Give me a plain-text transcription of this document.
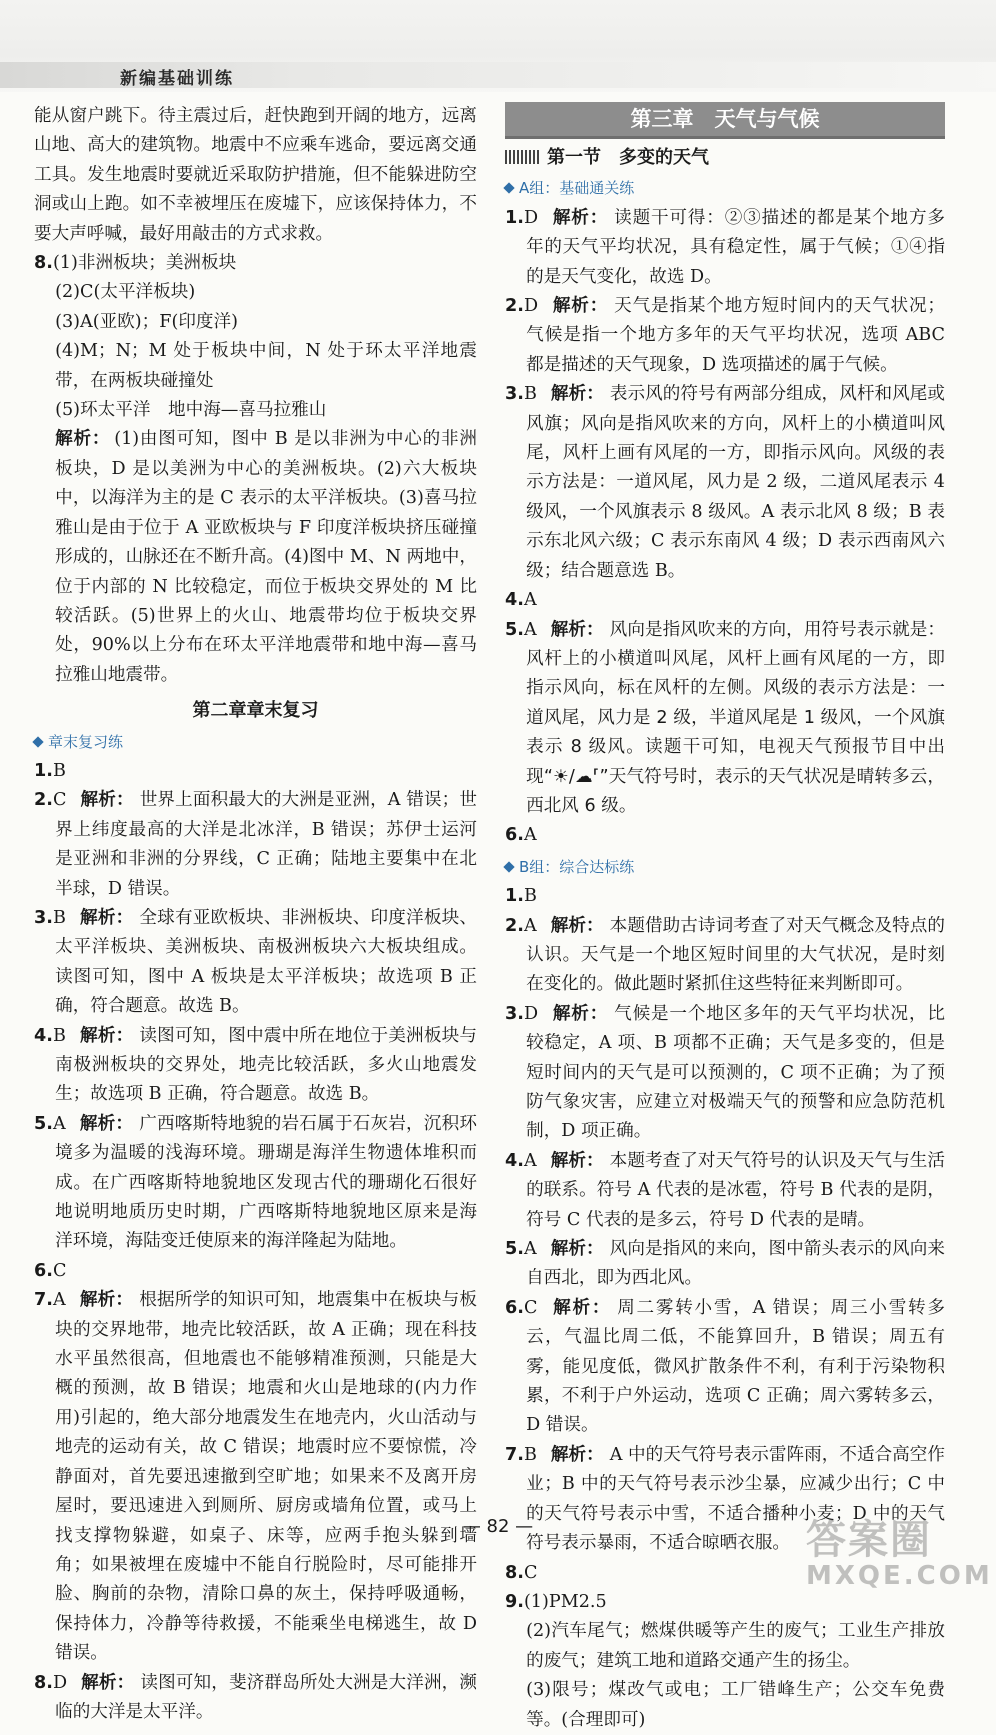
新编基础训练

能从窗户跳下。待主震过后，赶快跑到开阔的地方，远离山地、高大的建筑物。地震中不应乘车逃命，要远离交通工具。发生地震时要就近采取防护措施，但不能躲进防空洞或山上跑。如不幸被埋压在废墟下，应该保持体力，不要大声呼喊，最好用敲击的方式求救。

8.(1)非洲板块；美洲板块

(2)C(太平洋板块)

(3)A(亚欧)；F(印度洋)

(4)M；N；M 处于板块中间，N 处于环太平洋地震带，在两板块碰撞处

(5)环太平洋　地中海—喜马拉雅山

解析： (1)由图可知，图中 B 是以非洲为中心的非洲板块，D 是以美洲为中心的美洲板块。(2)六大板块中，以海洋为主的是 C 表示的太平洋板块。(3)喜马拉雅山是由于位于 A 亚欧板块与 F 印度洋板块挤压碰撞形成的，山脉还在不断升高。(4)图中 M、N 两地中，位于内部的 N 比较稳定，而位于板块交界处的 M 比较活跃。(5)世界上的火山、地震带均位于板块交界处，90%以上分布在环太平洋地震带和地中海—喜马拉雅山地震带。

第二章章末复习
章末复习练

1.B

2.C 解析： 世界上面积最大的大洲是亚洲，A 错误；世界上纬度最高的大洋是北冰洋，B 错误；苏伊士运河是亚洲和非洲的分界线，C 正确；陆地主要集中在北半球，D 错误。

3.B 解析： 全球有亚欧板块、非洲板块、印度洋板块、太平洋板块、美洲板块、南极洲板块六大板块组成。读图可知，图中 A 板块是太平洋板块；故选项 B 正确，符合题意。故选 B。

4.B 解析： 读图可知，图中震中所在地位于美洲板块与南极洲板块的交界处，地壳比较活跃，多火山地震发生；故选项 B 正确，符合题意。故选 B。

5.A 解析： 广西喀斯特地貌的岩石属于石灰岩，沉积环境多为温暖的浅海环境。珊瑚是海洋生物遗体堆积而成。在广西喀斯特地貌地区发现古代的珊瑚化石很好地说明地质历史时期，广西喀斯特地貌地区原来是海洋环境，海陆变迁使原来的海洋隆起为陆地。

6.C

7.A 解析： 根据所学的知识可知，地震集中在板块与板块的交界地带，地壳比较活跃，故 A 正确；现在科技水平虽然很高，但地震也不能够精准预测，只能是大概的预测，故 B 错误；地震和火山是地球的(内力作用)引起的，绝大部分地震发生在地壳内，火山活动与地壳的运动有关，故 C 错误；地震时应不要惊慌，冷静面对，首先要迅速撤到空旷地；如果来不及离开房屋时，要迅速进入到厕所、厨房或墙角位置，或马上找支撑物躲避，如桌子、床等，应两手抱头躲到墙角；如果被埋在废墟中不能自行脱险时，尽可能排开脸、胸前的杂物，清除口鼻的灰土，保持呼吸通畅，保持体力，冷静等待救援，不能乘坐电梯逃生，故 D 错误。

8.D 解析： 读图可知，斐济群岛所处大洲是大洋洲，濒临的大洋是太平洋。

第三章　天气与气候
第一节　多变的天气
A组：基础通关练

1.D 解析： 读题干可得：②③描述的都是某个地方多年的天气平均状况，具有稳定性，属于气候；①④指的是天气变化，故选 D。

2.D 解析： 天气是指某个地方短时间内的天气状况；气候是指一个地方多年的天气平均状况，选项 ABC 都是描述的天气现象，D 选项描述的属于气候。

3.B 解析： 表示风的符号有两部分组成，风杆和风尾或风旗；风向是指风吹来的方向，风杆上的小横道叫风尾，风杆上画有风尾的一方，即指示风向。风级的表示方法是：一道风尾，风力是 2 级，二道风尾表示 4 级风，一个风旗表示 8 级风。A 表示北风 8 级；B 表示东北风六级；C 表示东南风 4 级；D 表示西南风六级；结合题意选 B。

4.A

5.A 解析： 风向是指风吹来的方向，用符号表示就是：风杆上的小横道叫风尾，风杆上画有风尾的一方，即指示风向，标在风杆的左侧。风级的表示方法是：一道风尾，风力是 2 级，半道风尾是 1 级风，一个风旗表示 8 级风。读题干可知，电视天气预报节目中出现“☀/☁⸢”天气符号时，表示的天气状况是晴转多云，西北风 6 级。

6.A

B组：综合达标练

1.B

2.A 解析： 本题借助古诗词考查了对天气概念及特点的认识。天气是一个地区短时间里的大气状况，是时刻在变化的。做此题时紧抓住这些特征来判断即可。

3.D 解析： 气候是一个地区多年的天气平均状况，比较稳定，A 项、B 项都不正确；天气是多变的，但是短时间内的天气是可以预测的，C 项不正确；为了预防气象灾害，应建立对极端天气的预警和应急防范机制，D 项正确。

4.A 解析： 本题考查了对天气符号的认识及天气与生活的联系。符号 A 代表的是冰雹，符号 B 代表的是阴，符号 C 代表的是多云，符号 D 代表的是晴。

5.A 解析： 风向是指风的来向，图中箭头表示的风向来自西北，即为西北风。

6.C 解析： 周二雾转小雪，A 错误；周三小雪转多云，气温比周二低，不能算回升，B 错误；周五有雾，能见度低，微风扩散条件不利，有利于污染物积累，不利于户外运动，选项 C 正确；周六雾转多云，D 错误。

7.B 解析： A 中的天气符号表示雷阵雨，不适合高空作业；B 中的天气符号表示沙尘暴，应减少出行；C 中的天气符号表示中雪，不适合播种小麦；D 中的天气符号表示暴雨，不适合晾晒衣服。

8.C

9.(1)PM2.5

(2)汽车尾气；燃煤供暖等产生的废气；工业生产排放的废气；建筑工地和道路交通产生的扬尘。

(3)限号；煤改气或电；工厂错峰生产；公交车免费等。(合理即可)

— 82 —	答案圈
MXQE.COM
